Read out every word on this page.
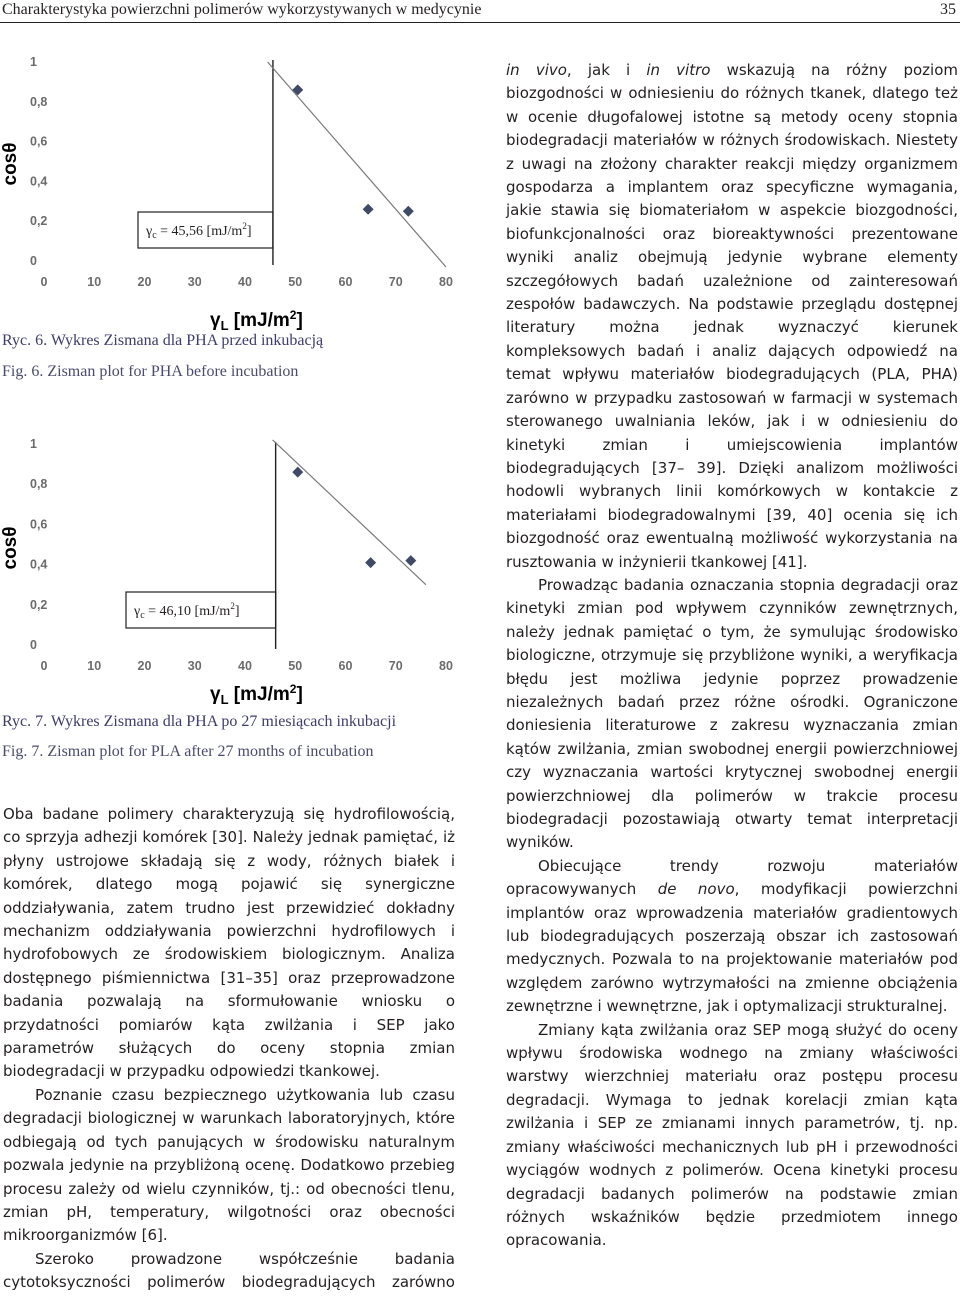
Charakterystyka powierzchni polimerów wykorzystywanych w medycynie	35
0
0,2
0,4
0,6
0,8
1
0	10	20	30	40	50	60	70	80
$\gamma_c = 45,56$ $[mJ/m^2]$
$\gamma_L$ $[mJ/m^2]$
cosθ
Ryc. 6. Wykres Zismana dla PHA przed inkubacją
Fig. 6. Zisman plot for PHA before incubation
0
0,2
0,4
0,6
0,8
1
0	10	20	30	40	50	60	70	80
$\gamma_c = 46,10$ $[mJ/m^2]$
$\gamma_L$ $[mJ/m^2]$
cosθ
Ryc. 7. Wykres Zismana dla PHA po 27 miesiącach inkubacji
Fig. 7. Zisman plot for PLA after 27 months of incubation

Oba badane polimery charakteryzują się hydrofilowością, co sprzyja adhezji komórek [30]. Należy jednak pamiętać, iż płyny ustrojowe składają się z wody, różnych białek i komórek, dlatego mogą pojawić się synergiczne oddziaływania, zatem trudno jest przewidzieć dokładny mechanizm oddziaływania powierzchni hydrofilowych i hydrofobowych ze środowiskiem biologicznym. Analiza dostępnego piśmiennictwa [31–35] oraz przeprowadzone badania pozwalają na sformułowanie wniosku o przydatności pomiarów kąta zwilżania i SEP jako parametrów służących do oceny stopnia zmian biodegradacji w przypadku odpowiedzi tkankowej.

Poznanie czasu bezpiecznego użytkowania lub czasu degradacji biologicznej w warunkach laboratoryjnych, które odbiegają od tych panujących w środowisku naturalnym pozwala jedynie na przybliżoną ocenę. Dodatkowo przebieg procesu zależy od wielu czynników, tj.: od obecności tlenu, zmian pH, temperatury, wilgotności oraz obecności mikroorganizmów [6].

Szeroko prowadzone współcześnie badania cytotoksyczności polimerów biodegradujących zarówno

in vivo, jak i in vitro wskazują na różny poziom biozgodności w odniesieniu do różnych tkanek, dlatego też w ocenie długofalowej istotne są metody oceny stopnia biodegradacji materiałów w różnych środowiskach. Niestety z uwagi na złożony charakter reakcji między organizmem gospodarza a implantem oraz specyficzne wymagania, jakie stawia się biomateriałom w aspekcie biozgodności, biofunkcjonalności oraz bioreaktywności prezentowane wyniki analiz obejmują jedynie wybrane elementy szczegółowych badań uzależnione od zainteresowań zespołów badawczych. Na podstawie przeglądu dostępnej literatury można jednak wyznaczyć kierunek kompleksowych badań i analiz dających odpowiedź na temat wpływu materiałów biodegradujących (PLA, PHA) zarówno w przypadku zastosowań w farmacji w systemach sterowanego uwalniania leków, jak i w odniesieniu do kinetyki zmian i umiejscowienia implantów biodegradujących [37– 39]. Dzięki analizom możliwości hodowli wybranych linii komórkowych w kontakcie z materiałami biodegradowalnymi [39, 40] ocenia się ich biozgodność oraz ewentualną możliwość wykorzystania na rusztowania w inżynierii tkankowej [41].

Prowadząc badania oznaczania stopnia degradacji oraz kinetyki zmian pod wpływem czynników zewnętrznych, należy jednak pamiętać o tym, że symulując środowisko biologiczne, otrzymuje się przybliżone wyniki, a weryfikacja błędu jest możliwa jedynie poprzez prowadzenie niezależnych badań przez różne ośrodki. Ograniczone doniesienia literaturowe z zakresu wyznaczania zmian kątów zwilżania, zmian swobodnej energii powierzchniowej czy wyznaczania wartości krytycznej swobodnej energii powierzchniowej dla polimerów w trakcie procesu biodegradacji pozostawiają otwarty temat interpretacji wyników.

Obiecujące trendy rozwoju materiałów opracowywanych de novo, modyfikacji powierzchni implantów oraz wprowadzenia materiałów gradientowych lub biodegradujących poszerzają obszar ich zastosowań medycznych. Pozwala to na projektowanie materiałów pod względem zarówno wytrzymałości na zmienne obciążenia zewnętrzne i wewnętrzne, jak i optymalizacji strukturalnej.

Zmiany kąta zwilżania oraz SEP mogą służyć do oceny wpływu środowiska wodnego na zmiany właściwości warstwy wierzchniej materiału oraz postępu procesu degradacji. Wymaga to jednak korelacji zmian kąta zwilżania i SEP ze zmianami innych parametrów, tj. np. zmiany właściwości mechanicznych lub pH i przewodności wyciągów wodnych z polimerów. Ocena kinetyki procesu degradacji badanych polimerów na podstawie zmian różnych wskaźników będzie przedmiotem innego opracowania.
